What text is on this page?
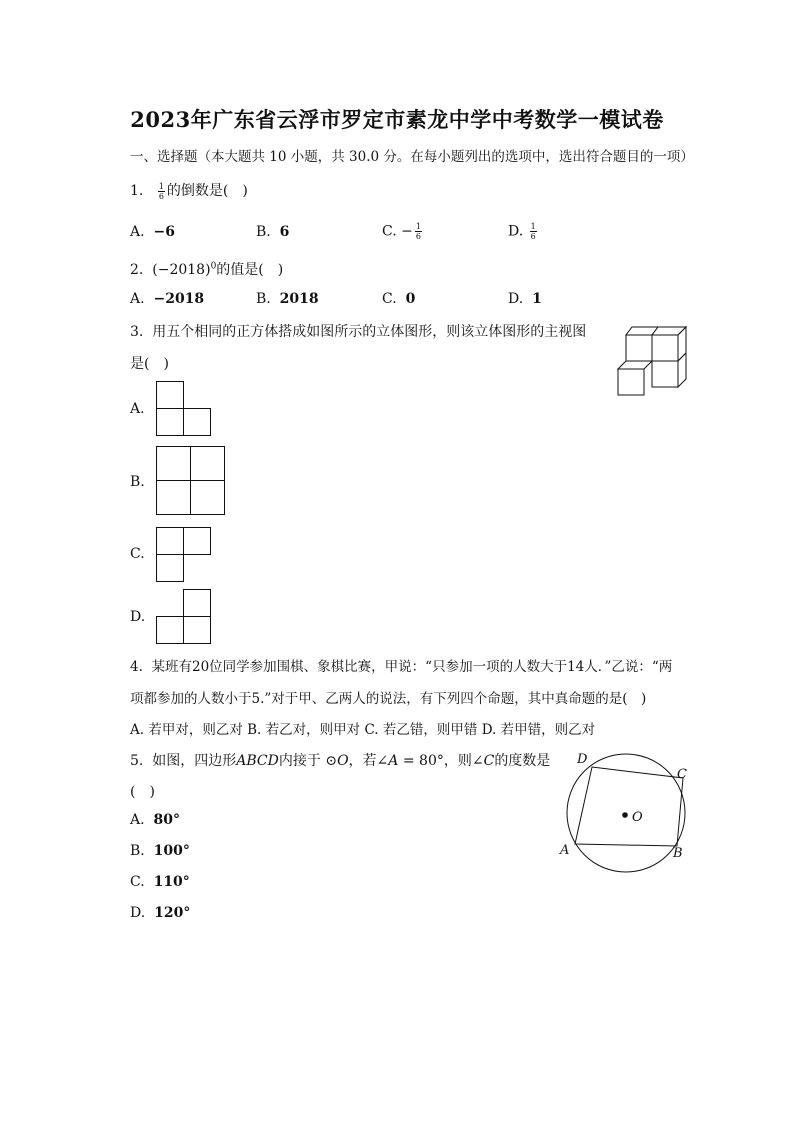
2023年广东省云浮市罗定市素龙中学中考数学一模试卷
一、选择题（本大题共 10 小题，共 30.0 分。在每小题列出的选项中，选出符合题目的一项）
1. $\frac{1}{6}$ 的倒数是(　)
A. −6	B. 6	C. − $\frac{1}{6}$	D. $\frac{1}{6}$
2. $(-2018)^0$的值是(　)
A. −2018	B. 2018	C. 0	D. 1
3. 用五个相同的正方体搭成如图所示的立体图形，则该立体图形的主视图
是(　)
A.
B.
C.
D.
4. 某班有20位同学参加围棋、象棋比赛，甲说：“只参加一项的人数大于14人．”乙说：“两
项都参加的人数小于5.”对于甲、乙两人的说法，有下列四个命题，其中真命题的是(　)
A. 若甲对，则乙对 B. 若乙对，则甲对 C. 若乙错，则甲错 D. 若甲错，则乙对
5. 如图，四边形ABCD内接于 ⊙O，若∠A = 80°，则∠C的度数是
(　)
A. 80°
B. 100°
C. 110°
D. 120°
D
C
A	B
O
